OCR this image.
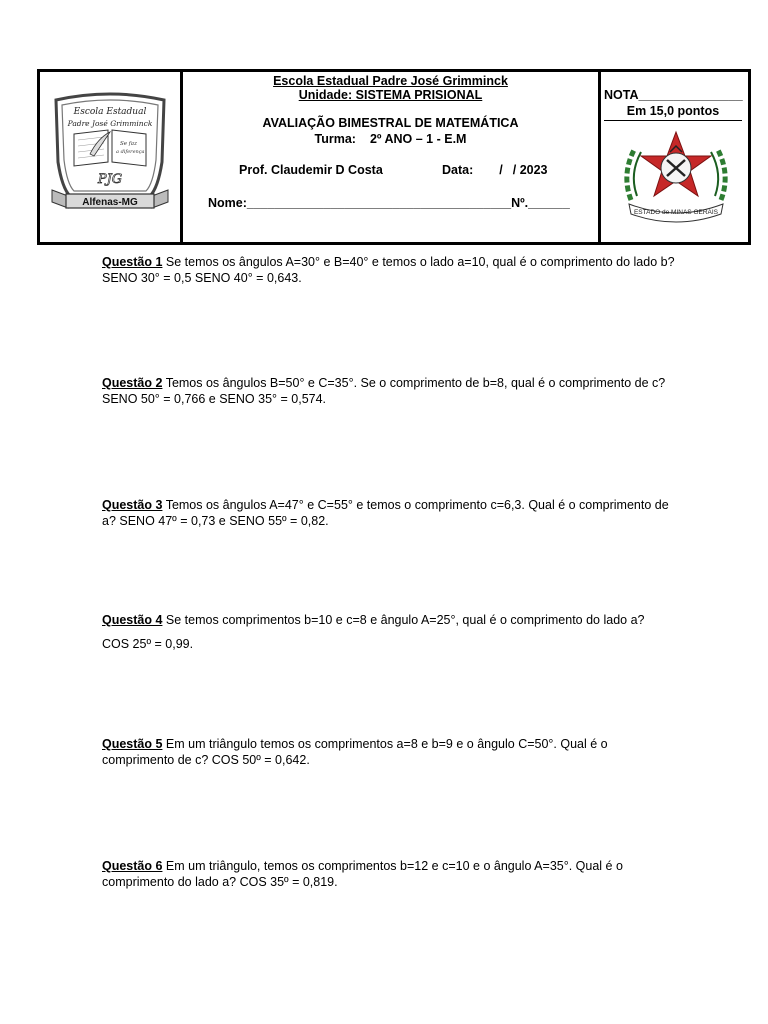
Escola Estadual
Padre José Grimminck
Se faz
a diferença
PJG
Alfenas-MG
Escola Estadual Padre José Grimminck
Unidade: SISTEMA PRISIONAL
AVALIAÇÃO BIMESTRAL DE MATEMÁTICA
Turma: 2º ANO – 1 - E.M
Prof. Claudemir D Costa	Data: / / 2023
Nome:______________________________________Nº.______
NOTA_______________
Em 15,0 pontos
ESTADO de MINAS GERAIS
Questão 1 Se temos os ângulos A=30° e B=40° e temos o lado a=10, qual é o comprimento do lado b?
SENO 30° = 0,5 SENO 40° = 0,643.
Questão 2 Temos os ângulos B=50° e C=35°. Se o comprimento de b=8, qual é o comprimento de c?
SENO 50° = 0,766 e SENO 35° = 0,574.
Questão 3 Temos os ângulos A=47° e C=55° e temos o comprimento c=6,3. Qual é o comprimento de
a? SENO 47º = 0,73 e SENO 55º = 0,82.
Questão 4 Se temos comprimentos b=10 e c=8 e ângulo A=25°, qual é o comprimento do lado a?
COS 25º = 0,99.
Questão 5 Em um triângulo temos os comprimentos a=8 e b=9 e o ângulo C=50°. Qual é o
comprimento de c? COS 50º = 0,642.
Questão 6 Em um triângulo, temos os comprimentos b=12 e c=10 e o ângulo A=35°. Qual é o
comprimento do lado a? COS 35º = 0,819.
